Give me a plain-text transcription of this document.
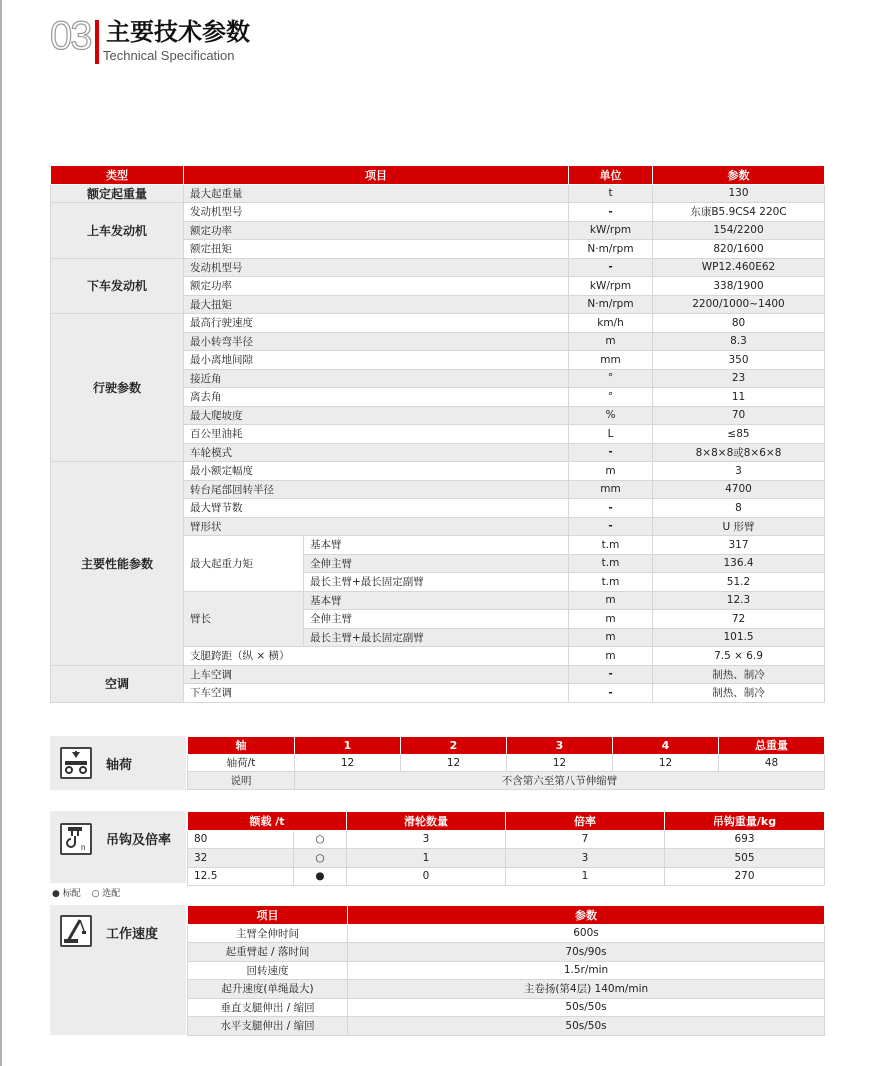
03 主要技术参数
Technical Specification
类型	项目		单位	参数
额定起重量	最大起重量		t	130
上车发动机	发动机型号		-	东康B5.9CS4 220C
	额定功率		kW/rpm	154/2200
	额定扭矩		N·m/rpm	820/1600
下车发动机	发动机型号		-	WP12.460E62
	额定功率		kW/rpm	338/1900
	最大扭矩		N·m/rpm	2200/1000~1400
行驶参数	最高行驶速度		km/h	80
	最小转弯半径		m	8.3
	最小离地间隙		mm	350
	接近角		°	23
	离去角		°	11
	最大爬坡度		%	70
	百公里油耗		L	≤85
	车轮模式		-	8×8×8或8×6×8
主要性能参数	最小额定幅度		m	3
	转台尾部回转半径		mm	4700
	最大臂节数		-	8
	臂形状		-	U 形臂
	最大起重力矩	基本臂	t.m	317
		全伸主臂	t.m	136.4
		最长主臂+最长固定副臂	t.m	51.2
	臂长	基本臂	m	12.3
		全伸主臂	m	72
		最长主臂+最长固定副臂	m	101.5
	支腿跨距（纵 × 横）		m	7.5 × 6.9
空调	上车空调		-	制热、制冷
	下车空调		-	制热、制冷
轴荷
轴	1	2	3	4	总重量
轴荷/t	12	12	12	12	48
说明	不含第六至第八节伸缩臂				
n 吊钩及倍率
额载 /t		滑轮数量	倍率	吊钩重量/kg
80	○	3	7	693
32	○	1	3	505
12.5	●	0	1	270
● 标配 ○ 选配
工作速度
项目	参数
主臂全伸时间	600s
起重臂起 / 落时间	70s/90s
回转速度	1.5r/min
起升速度(单绳最大)	主卷扬(第4层) 140m/min
垂直支腿伸出 / 缩回	50s/50s
水平支腿伸出 / 缩回	50s/50s
